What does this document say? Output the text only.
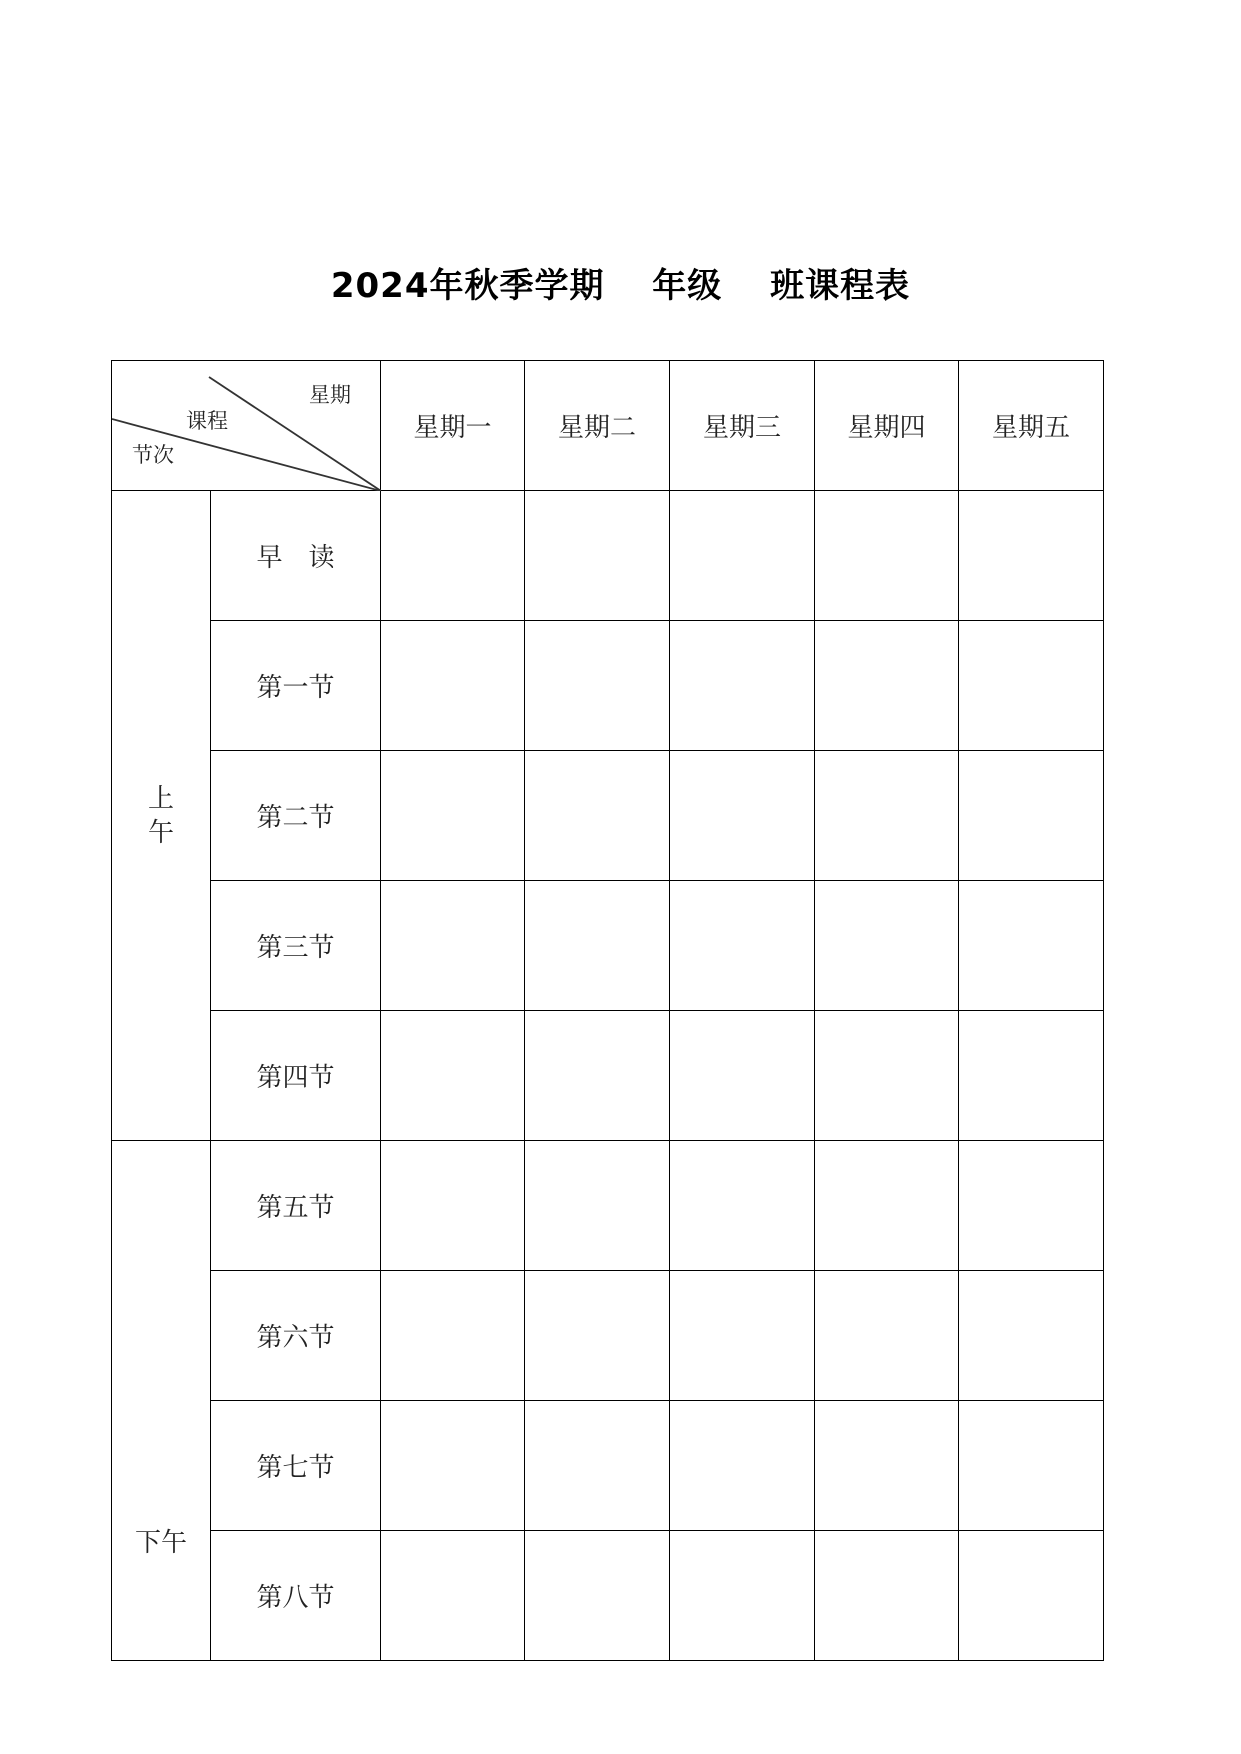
2024年秋季学期　 年级　 班课程表
星期
课程
节次		星期一	星期二	星期三	星期四	星期五

上午	早　读					
	第一节					
	第二节					
	第三节					
	第四节					
下午	第五节					
	第六节					
	第七节					
	第八节					
